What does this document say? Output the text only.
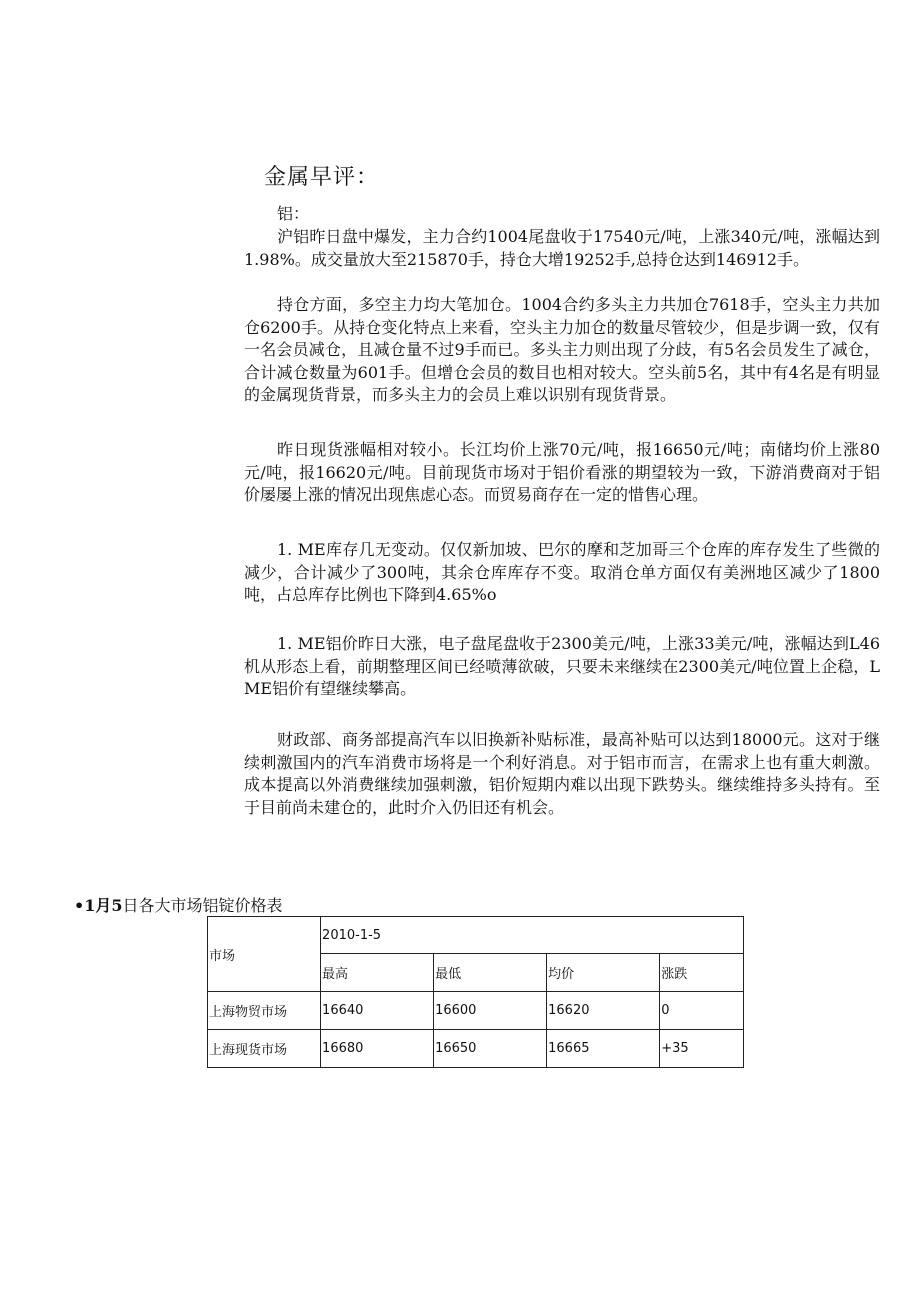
金属早评：
铝：

沪铝昨日盘中爆发，主力合约1004尾盘收于17540元/吨，上涨340元/吨，涨幅达到1.98%。成交量放大至215870手，持仓大增19252手,总持仓达到146912手。

持仓方面，多空主力均大笔加仓。1004合约多头主力共加仓7618手，空头主力共加仓6200手。从持仓变化特点上来看，空头主力加仓的数量尽管较少，但是步调一致，仅有一名会员减仓，且减仓量不过9手而已。多头主力则出现了分歧，有5名会员发生了减仓，合计减仓数量为601手。但增仓会员的数目也相对较大。空头前5名，其中有4名是有明显的金属现货背景，而多头主力的会员上难以识别有现货背景。

昨日现货涨幅相对较小。长江均价上涨70元/吨，报16650元/吨；南储均价上涨80元/吨，报16620元/吨。目前现货市场对于铝价看涨的期望较为一致，下游消费商对于铝价屡屡上涨的情况出现焦虑心态。而贸易商存在一定的惜售心理。

1. ME库存几无变动。仅仅新加坡、巴尔的摩和芝加哥三个仓库的库存发生了些微的减少，合计减少了300吨，其余仓库库存不变。取消仓单方面仅有美洲地区减少了1800吨，占总库存比例也下降到4.65%o

1. ME铝价昨日大涨，电子盘尾盘收于2300美元/吨，上涨33美元/吨，涨幅达到L46机从形态上看，前期整理区间已经喷薄欲破，只要未来继续在2300美元/吨位置上企稳，LME铝价有望继续攀高。

财政部、商务部提高汽车以旧换新补贴标准，最高补贴可以达到18000元。这对于继续刺激国内的汽车消费市场将是一个利好消息。对于铝市而言，在需求上也有重大刺激。成本提高以外消费继续加强刺激，铝价短期内难以出现下跌势头。继续维持多头持有。至于目前尚未建仓的，此时介入仍旧还有机会。

•1月5日各大市场铝锭价格表
市场	2010-1-5			
	最高	最低	均价	涨跌
上海物贸市场	16640	16600	16620	0
上海现货市场	16680	16650	16665	+35
